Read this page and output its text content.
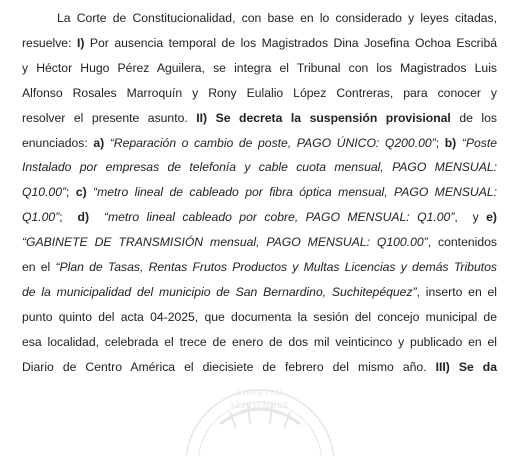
LIBERTAD
SEPTIEMBRE
La Corte de Constitucionalidad, con base en lo considerado y leyes citadas,
resuelve: I) Por ausencia temporal de los Magistrados Dina Josefina Ochoa Escribá
y Héctor Hugo Pérez Aguilera, se integra el Tribunal con los Magistrados Luis
Alfonso Rosales Marroquín y Rony Eulalio López Contreras, para conocer y
resolver el presente asunto. II) Se decreta la suspensión provisional de los
enunciados: a) “Reparación o cambio de poste, PAGO ÚNICO: Q200.00”; b) “Poste
Instalado por empresas de telefonía y cable cuota mensual, PAGO MENSUAL:
Q10.00”; c) “metro lineal de cableado por fibra óptica mensual, PAGO MENSUAL:
Q1.00”;  d)  “metro lineal cableado por cobre, PAGO MENSUAL: Q1.00”,  y e)
“GABINETE DE TRANSMISIÓN mensual, PAGO MENSUAL: Q100.00”, contenidos
en el “Plan de Tasas, Rentas Frutos Productos y Multas Licencias y demás Tributos
de la municipalidad del municipio de San Bernardino, Suchitepéquez”, inserto en el
punto quinto del acta 04-2025, que documenta la sesión del concejo municipal de
esa localidad, celebrada el trece de enero de dos mil veinticinco y publicado en el
Diario de Centro América el diecisiete de febrero del mismo año. III) Se da
